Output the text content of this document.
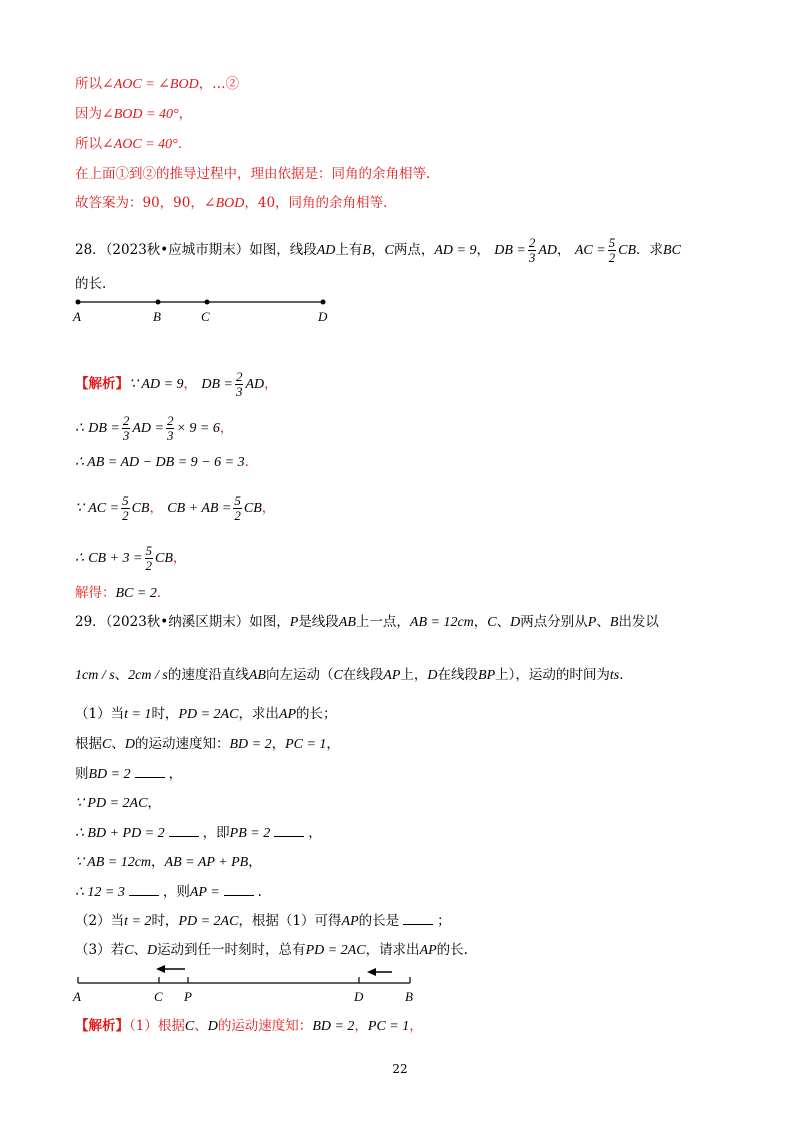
所以∠AOC = ∠BOD，…②
因为∠BOD = 40°，
所以∠AOC = 40°．
在上面①到②的推导过程中，理由依据是：同角的余角相等.
故答案为：90，90，∠BOD，40，同角的余角相等.
28．（2023秋•应城市期末）如图，线段AD上有B，C两点，AD = 9， DB = $\frac{2}{3}$ AD， AC = $\frac{5}{2}$ CB．求BC
的长.
A	B	C	D
【解析】∵ AD = 9， DB = $\frac{2}{3}$ AD，
∴ DB = $\frac{2}{3}$ AD = $\frac{2}{3} \times 9 = 6$，
∴ AB = AD − DB = 9 − 6 = 3．
∵ AC = $\frac{5}{2}$ CB， CB + AB = $\frac{5}{2}$ CB，
∴ CB + $3 = \frac{5}{2}$ CB，
解得：BC = 2．
29．（2023秋•纳溪区期末）如图，P是线段AB上一点，AB = 12cm，C、D两点分别从P、B出发以
1cm / s、2cm / s的速度沿直线AB向左运动（C在线段AP上，D在线段BP上），运动的时间为ts．
（1）当t = 1时，PD = 2AC，求出AP的长；
根据C、D的运动速度知：BD = 2，PC = 1，
则BD = 2	，
∵ PD = 2AC，
∴ BD + PD = 2	，即PB = 2	，
∵ AB = 12cm，AB = AP + PB，
∴ 12 = 3	，则AP =	.
（2）当t = 2时，PD = 2AC，根据（1）可得AP的长是	；
（3）若C、D运动到任一时刻时，总有PD = 2AC，请求出AP的长.
A	C P	D	B
【解析】（1）根据C、D的运动速度知：BD = 2，PC = 1，
22
